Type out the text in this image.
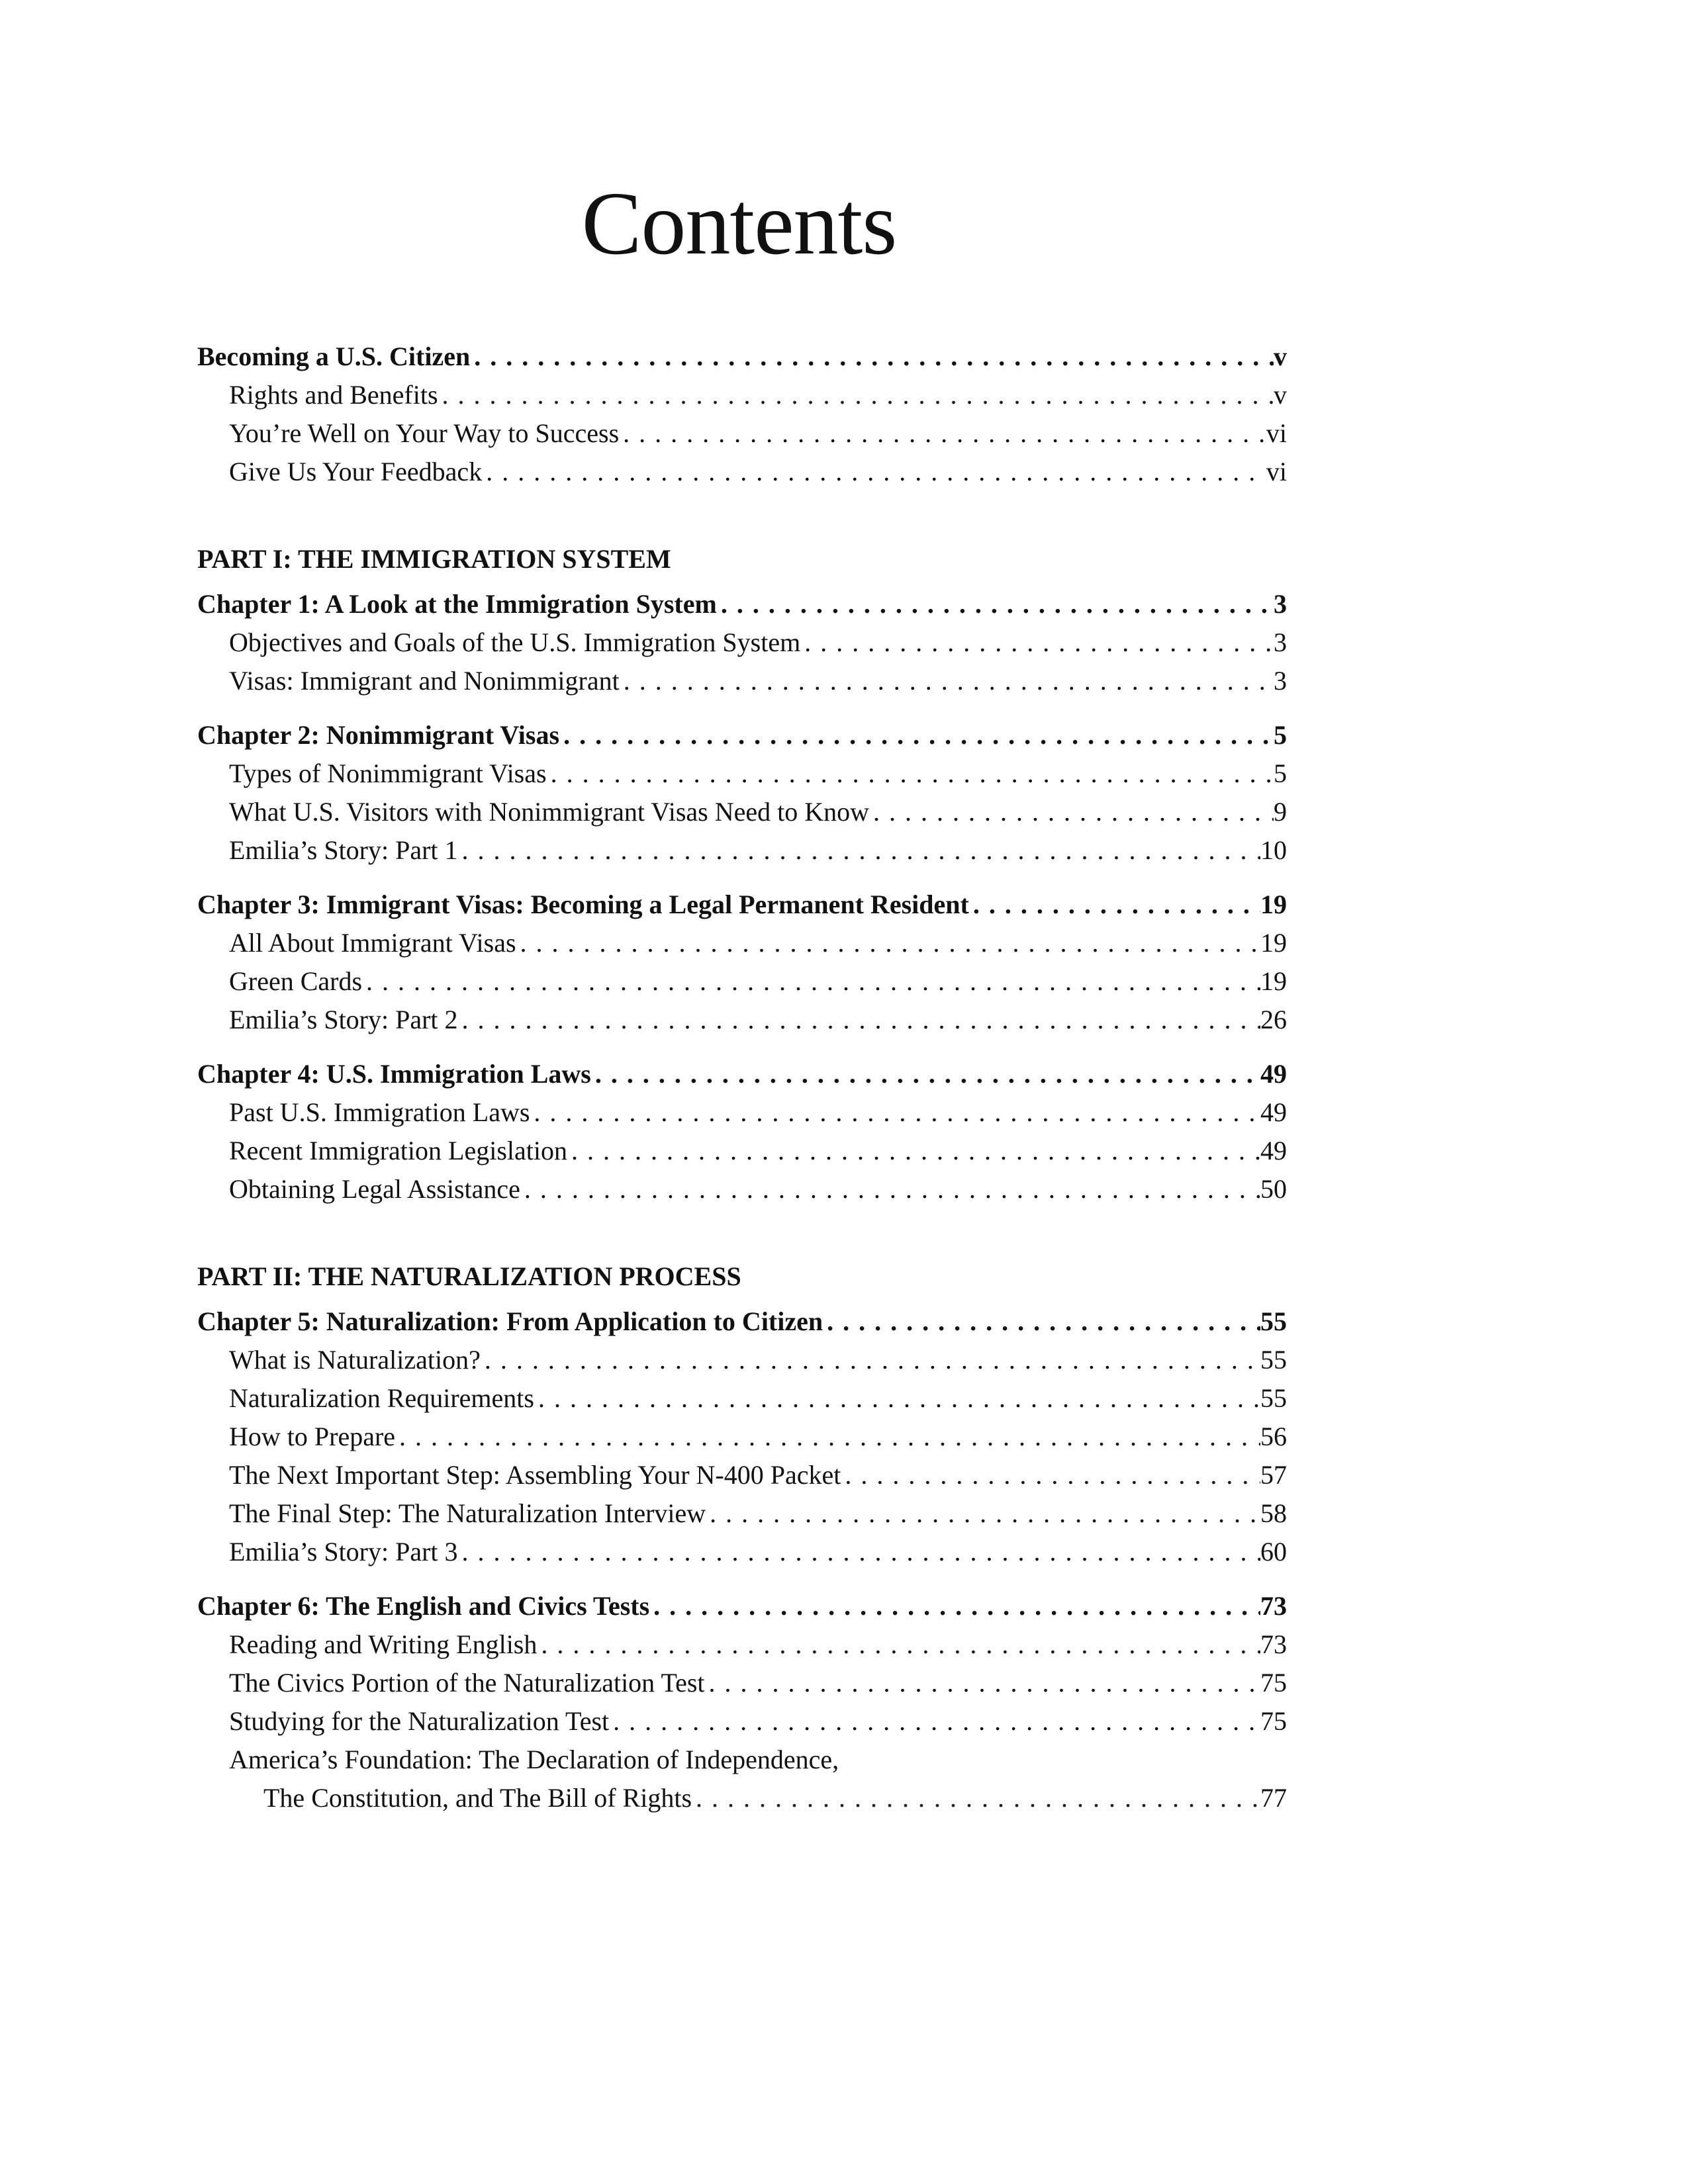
Contents
Becoming a U.S. Citizen . . .	v
Rights and Benefits . . .	v
You’re Well on Your Way to Success . . .	vi
Give Us Your Feedback . . .	vi
PART I: THE IMMIGRATION SYSTEM
Chapter 1: A Look at the Immigration System . . .	3
Objectives and Goals of the U.S. Immigration System . . .	3
Visas: Immigrant and Nonimmigrant . . .	3
Chapter 2: Nonimmigrant Visas . . .	5
Types of Nonimmigrant Visas . . .	5
What U.S. Visitors with Nonimmigrant Visas Need to Know . . .	9
Emilia’s Story: Part 1 . . .	10
Chapter 3: Immigrant Visas: Becoming a Legal Permanent Resident . . .	19
All About Immigrant Visas . . .	19
Green Cards . . .	19
Emilia’s Story: Part 2 . . .	26
Chapter 4: U.S. Immigration Laws . . .	49
Past U.S. Immigration Laws . . .	49
Recent Immigration Legislation . . .	49
Obtaining Legal Assistance . . .	50
PART II: THE NATURALIZATION PROCESS
Chapter 5: Naturalization: From Application to Citizen . . .	55
What is Naturalization? . . .	55
Naturalization Requirements . . .	55
How to Prepare . . .	56
The Next Important Step: Assembling Your N-400 Packet . . .	57
The Final Step: The Naturalization Interview . . .	58
Emilia’s Story: Part 3 . . .	60
Chapter 6: The English and Civics Tests . . .	73
Reading and Writing English . . .	73
The Civics Portion of the Naturalization Test . . .	75
Studying for the Naturalization Test . . .	75
America’s Foundation: The Declaration of Independence,
The Constitution, and The Bill of Rights . . .	77
